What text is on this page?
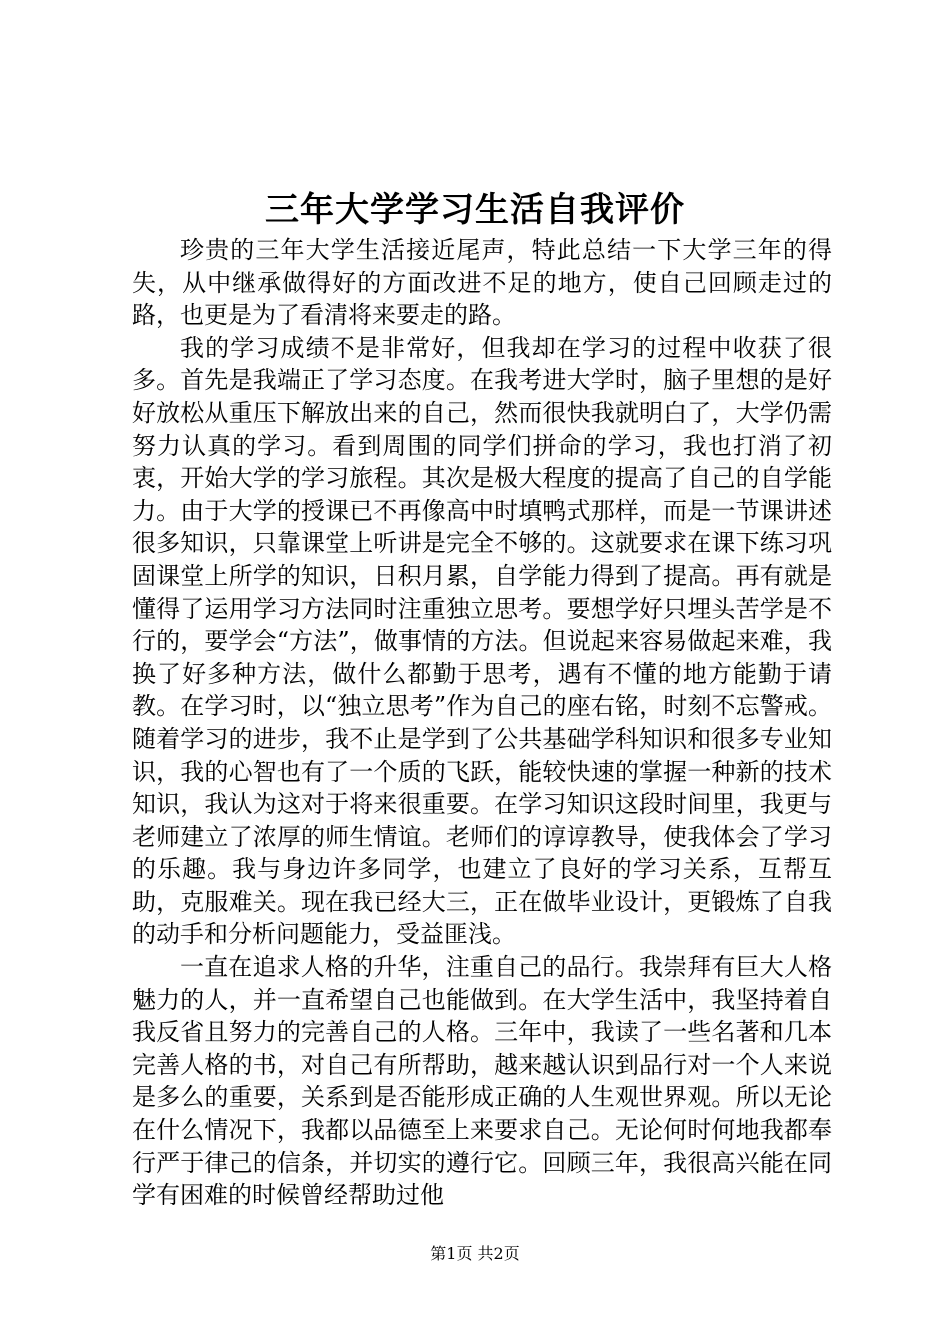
三年大学学习生活自我评价

珍贵的三年大学生活接近尾声，特此总结一下大学三年的得失，从中继承做得好的方面改进不足的地方，使自己回顾走过的路，也更是为了看清将来要走的路。

我的学习成绩不是非常好，但我却在学习的过程中收获了很多。首先是我端正了学习态度。在我考进大学时，脑子里想的是好好放松从重压下解放出来的自己，然而很快我就明白了，大学仍需努力认真的学习。看到周围的同学们拼命的学习，我也打消了初衷，开始大学的学习旅程。其次是极大程度的提高了自己的自学能力。由于大学的授课已不再像高中时填鸭式那样，而是一节课讲述很多知识，只靠课堂上听讲是完全不够的。这就要求在课下练习巩固课堂上所学的知识，日积月累，自学能力得到了提高。再有就是懂得了运用学习方法同时注重独立思考。要想学好只埋头苦学是不行的，要学会“方法”，做事情的方法。但说起来容易做起来难，我换了好多种方法，做什么都勤于思考，遇有不懂的地方能勤于请教。在学习时，以“独立思考”作为自己的座右铭，时刻不忘警戒。随着学习的进步，我不止是学到了公共基础学科知识和很多专业知识，我的心智也有了一个质的飞跃，能较快速的掌握一种新的技术知识，我认为这对于将来很重要。在学习知识这段时间里，我更与老师建立了浓厚的师生情谊。老师们的谆谆教导，使我体会了学习的乐趣。我与身边许多同学，也建立了良好的学习关系，互帮互助，克服难关。现在我已经大三，正在做毕业设计，更锻炼了自我的动手和分析问题能力，受益匪浅。

一直在追求人格的升华，注重自己的品行。我崇拜有巨大人格魅力的人，并一直希望自己也能做到。在大学生活中，我坚持着自我反省且努力的完善自己的人格。三年中，我读了一些名著和几本完善人格的书，对自己有所帮助，越来越认识到品行对一个人来说是多么的重要，关系到是否能形成正确的人生观世界观。所以无论在什么情况下，我都以品德至上来要求自己。无论何时何地我都奉行严于律己的信条，并切实的遵行它。回顾三年，我很高兴能在同学有困难的时候曾经帮助过他

第1页 共2页
